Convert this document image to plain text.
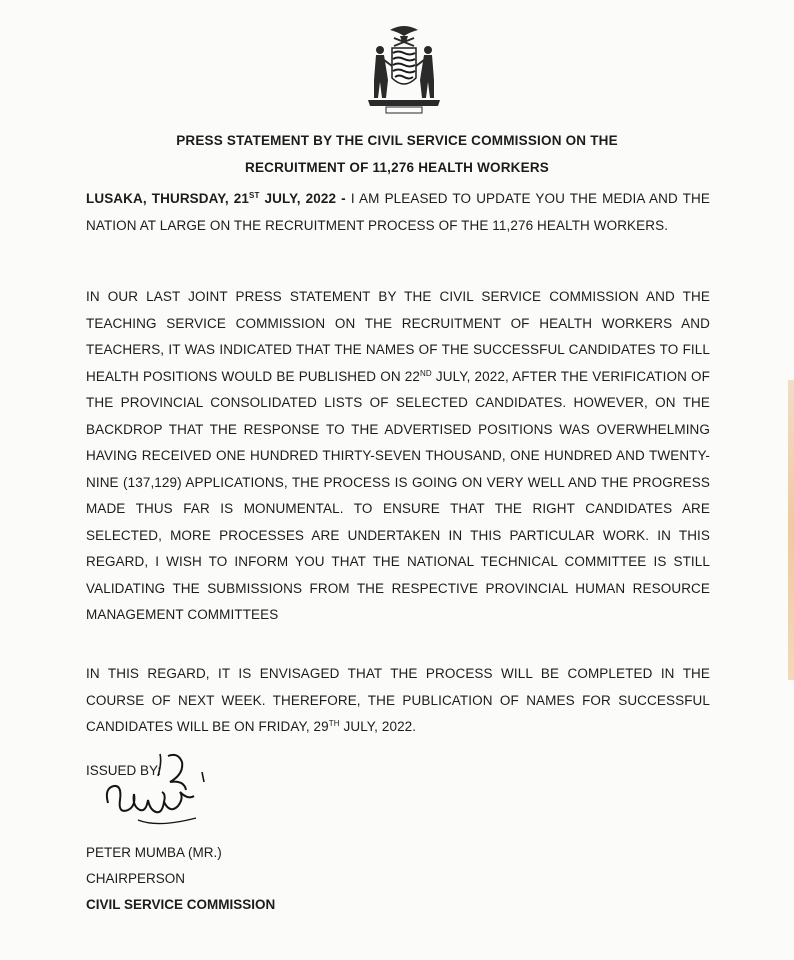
PRESS STATEMENT BY THE CIVIL SERVICE COMMISSION ON THE
RECRUITMENT OF 11,276 HEALTH WORKERS
LUSAKA, THURSDAY, 21ST JULY, 2022 - I AM PLEASED TO UPDATE YOU THE MEDIA AND THE NATION AT LARGE ON THE RECRUITMENT PROCESS OF THE 11,276 HEALTH WORKERS.
IN OUR LAST JOINT PRESS STATEMENT BY THE CIVIL SERVICE COMMISSION AND THE TEACHING SERVICE COMMISSION ON THE RECRUITMENT OF HEALTH WORKERS AND TEACHERS, IT WAS INDICATED THAT THE NAMES OF THE SUCCESSFUL CANDIDATES TO FILL HEALTH POSITIONS WOULD BE PUBLISHED ON 22ND JULY, 2022, AFTER THE VERIFICATION OF THE PROVINCIAL CONSOLIDATED LISTS OF SELECTED CANDIDATES. HOWEVER, ON THE BACKDROP THAT THE RESPONSE TO THE ADVERTISED POSITIONS WAS OVERWHELMING HAVING RECEIVED ONE HUNDRED THIRTY-SEVEN THOUSAND, ONE HUNDRED AND TWENTY-NINE (137,129) APPLICATIONS, THE PROCESS IS GOING ON VERY WELL AND THE PROGRESS MADE THUS FAR IS MONUMENTAL. TO ENSURE THAT THE RIGHT CANDIDATES ARE SELECTED, MORE PROCESSES ARE UNDERTAKEN IN THIS PARTICULAR WORK. IN THIS REGARD, I WISH TO INFORM YOU THAT THE NATIONAL TECHNICAL COMMITTEE IS STILL VALIDATING THE SUBMISSIONS FROM THE RESPECTIVE PROVINCIAL HUMAN RESOURCE MANAGEMENT COMMITTEES
IN THIS REGARD, IT IS ENVISAGED THAT THE PROCESS WILL BE COMPLETED IN THE COURSE OF NEXT WEEK. THEREFORE, THE PUBLICATION OF NAMES FOR SUCCESSFUL CANDIDATES WILL BE ON FRIDAY, 29TH JULY, 2022.
ISSUED BY:
PETER MUMBA (MR.)
CHAIRPERSON
CIVIL SERVICE COMMISSION
